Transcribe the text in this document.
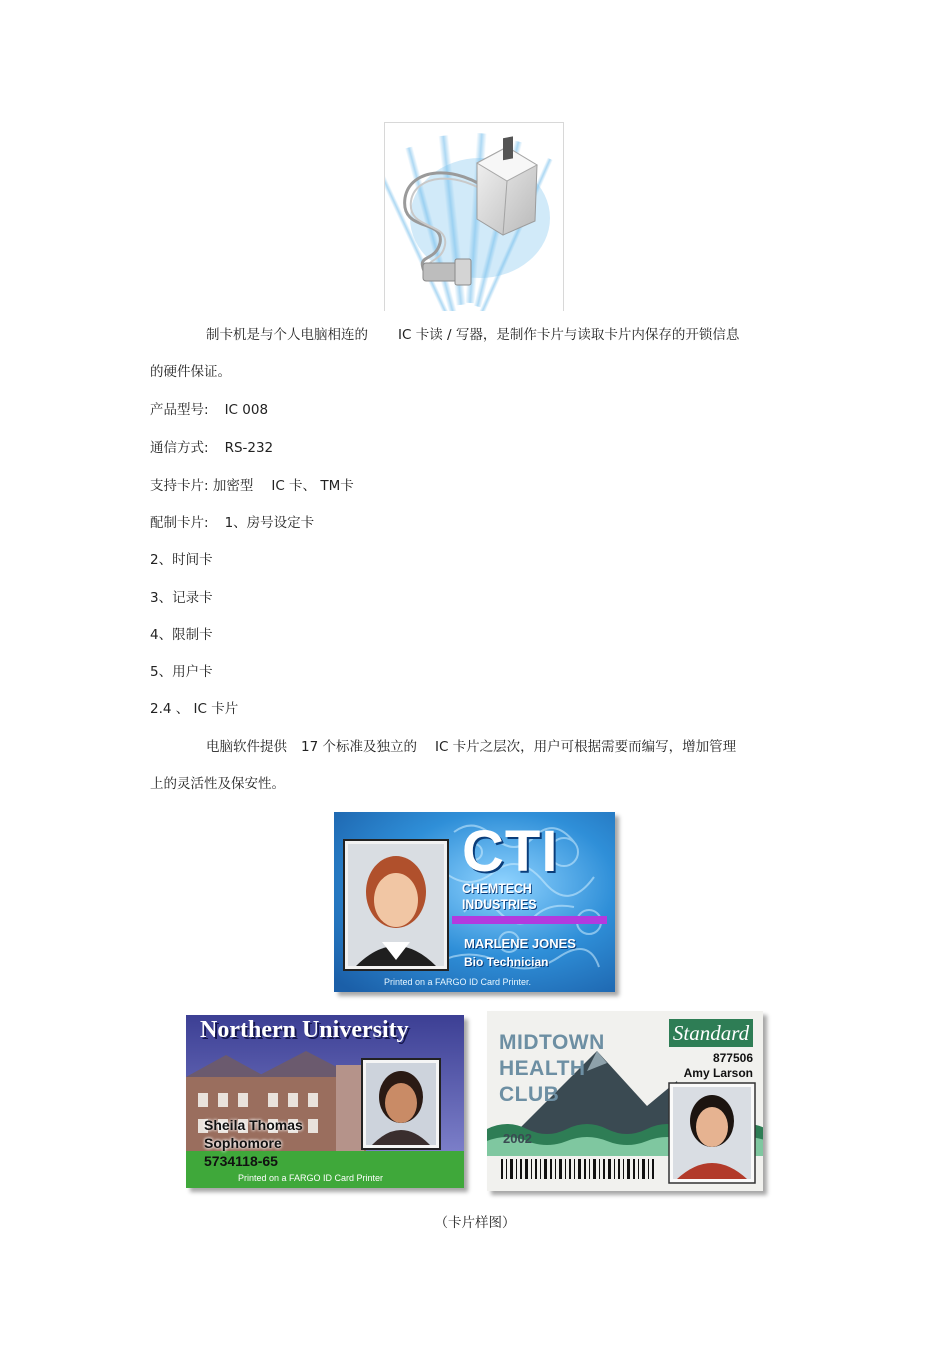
制卡机是与个人电脑相连的 IC 卡读 / 写器，是制作卡片与读取卡片内保存的开锁信息
的硬件保证。
产品型号: IC 008
通信方式: RS-232
支持卡片: 加密型 IC 卡、 TM卡
配制卡片: 1、房号设定卡
2、时间卡
3、记录卡
4、限制卡
5、用户卡
2.4 、 IC 卡片
电脑软件提供 17 个标准及独立的 IC 卡片之层次，用户可根据需要而编写，增加管理
上的灵活性及保安性。
CTI
CHEMTECH INDUSTRIES
MARLENE JONES
Bio Technician
Printed on a FARGO ID Card Printer.
Northern University
Sheila Thomas
Sophomore
5734118-65
Printed on a FARGO ID Card Printer
MIDTOWN
HEALTH
CLUB
Standard
877506
Amy Larson
2002
（卡片样图）
